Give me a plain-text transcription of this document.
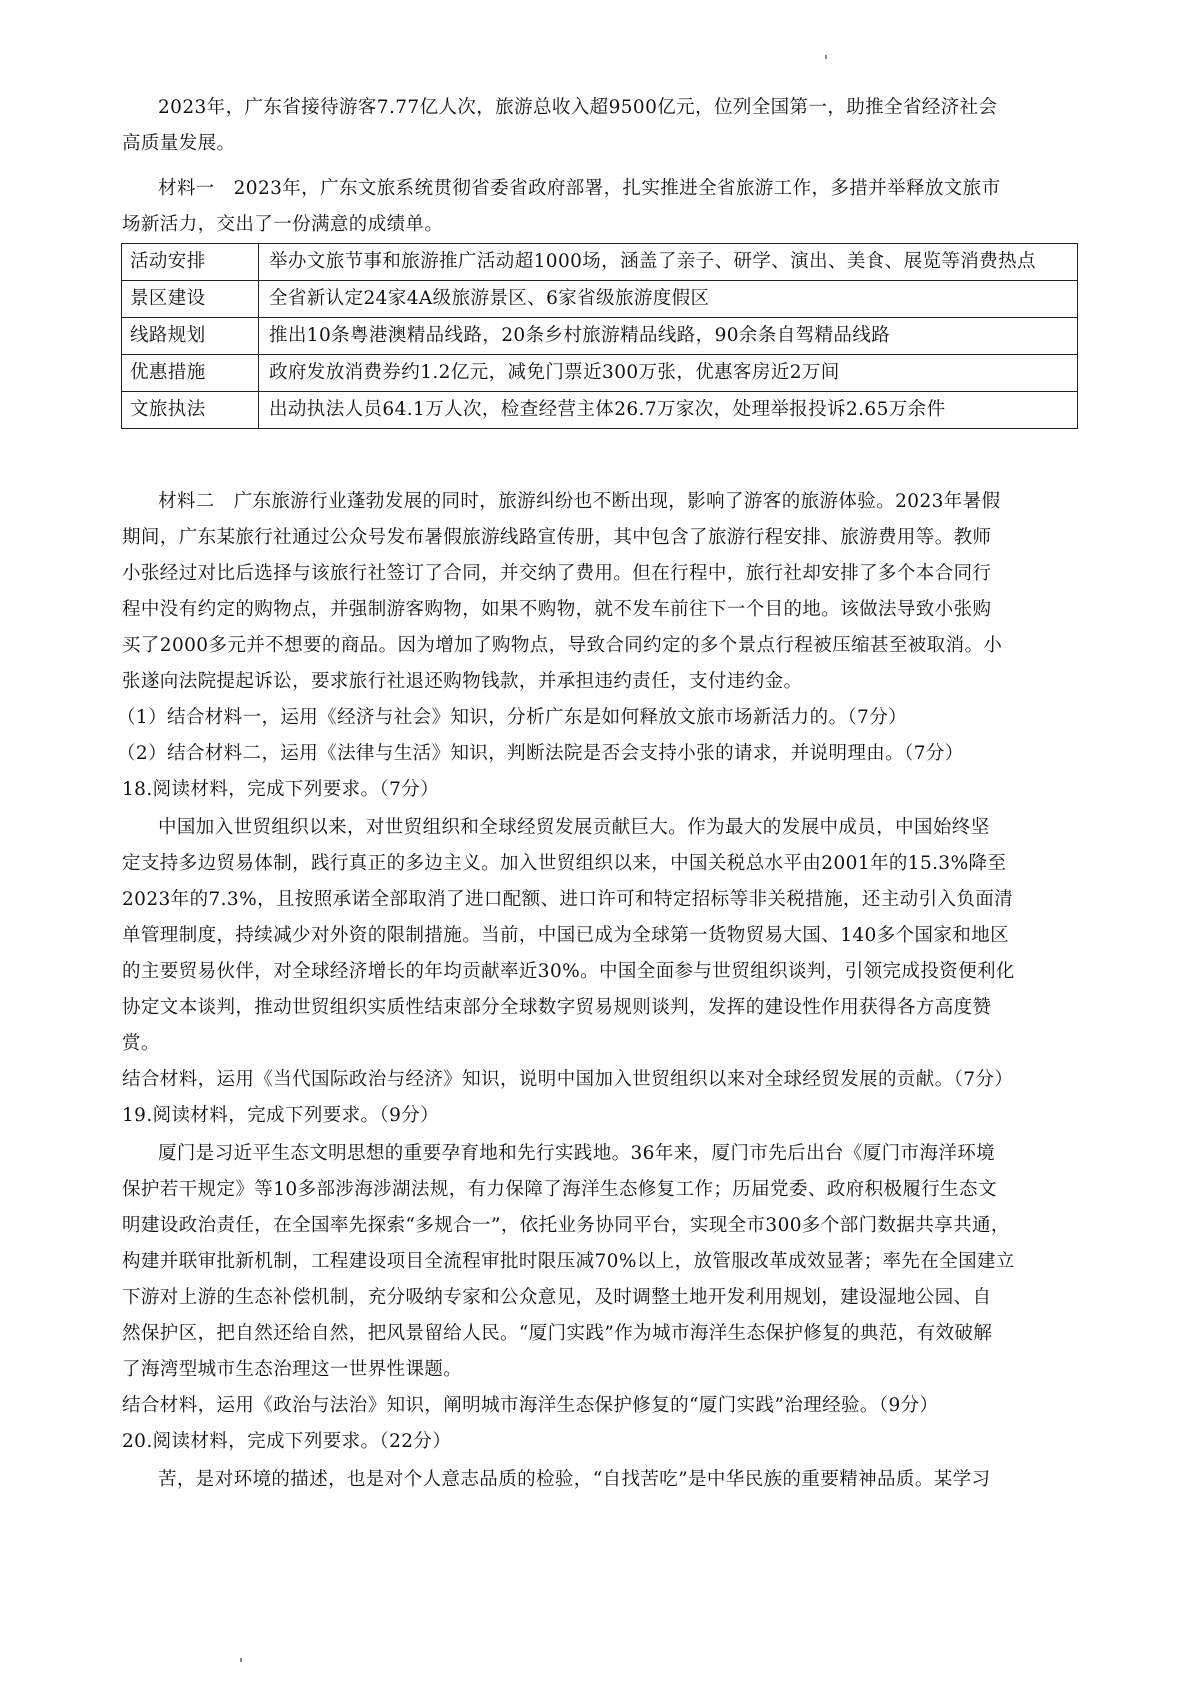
2023年，广东省接待游客7.77亿人次，旅游总收入超9500亿元，位列全国第一，助推全省经济社会
高质量发展。
材料一　2023年，广东文旅系统贯彻省委省政府部署，扎实推进全省旅游工作，多措并举释放文旅市
场新活力，交出了一份满意的成绩单。
活动安排	举办文旅节事和旅游推广活动超1000场，涵盖了亲子、研学、演出、美食、展览等消费热点
景区建设	全省新认定24家4A级旅游景区、6家省级旅游度假区
线路规划	推出10条粤港澳精品线路，20条乡村旅游精品线路，90余条自驾精品线路
优惠措施	政府发放消费券约1.2亿元，减免门票近300万张，优惠客房近2万间
文旅执法	出动执法人员64.1万人次，检查经营主体26.7万家次，处理举报投诉2.65万余件
材料二　广东旅游行业蓬勃发展的同时，旅游纠纷也不断出现，影响了游客的旅游体验。2023年暑假
期间，广东某旅行社通过公众号发布暑假旅游线路宣传册，其中包含了旅游行程安排、旅游费用等。教师
小张经过对比后选择与该旅行社签订了合同，并交纳了费用。但在行程中，旅行社却安排了多个本合同行
程中没有约定的购物点，并强制游客购物，如果不购物，就不发车前往下一个目的地。该做法导致小张购
买了2000多元并不想要的商品。因为增加了购物点，导致合同约定的多个景点行程被压缩甚至被取消。小
张遂向法院提起诉讼，要求旅行社退还购物钱款，并承担违约责任，支付违约金。
（1）结合材料一，运用《经济与社会》知识，分析广东是如何释放文旅市场新活力的。（7分）
（2）结合材料二，运用《法律与生活》知识，判断法院是否会支持小张的请求，并说明理由。（7分）
18.阅读材料，完成下列要求。（7分）
中国加入世贸组织以来，对世贸组织和全球经贸发展贡献巨大。作为最大的发展中成员，中国始终坚
定支持多边贸易体制，践行真正的多边主义。加入世贸组织以来，中国关税总水平由2001年的15.3%降至
2023年的7.3%，且按照承诺全部取消了进口配额、进口许可和特定招标等非关税措施，还主动引入负面清
单管理制度，持续减少对外资的限制措施。当前，中国已成为全球第一货物贸易大国、140多个国家和地区
的主要贸易伙伴，对全球经济增长的年均贡献率近30%。中国全面参与世贸组织谈判，引领完成投资便利化
协定文本谈判，推动世贸组织实质性结束部分全球数字贸易规则谈判，发挥的建设性作用获得各方高度赞
赏。
结合材料，运用《当代国际政治与经济》知识，说明中国加入世贸组织以来对全球经贸发展的贡献。（7分）
19.阅读材料，完成下列要求。（9分）
厦门是习近平生态文明思想的重要孕育地和先行实践地。36年来，厦门市先后出台《厦门市海洋环境
保护若干规定》等10多部涉海涉湖法规，有力保障了海洋生态修复工作；历届党委、政府积极履行生态文
明建设政治责任，在全国率先探索“多规合一”，依托业务协同平台，实现全市300多个部门数据共享共通，
构建并联审批新机制，工程建设项目全流程审批时限压减70%以上，放管服改革成效显著；率先在全国建立
下游对上游的生态补偿机制，充分吸纳专家和公众意见，及时调整土地开发利用规划，建设湿地公园、自
然保护区，把自然还给自然，把风景留给人民。“厦门实践”作为城市海洋生态保护修复的典范，有效破解
了海湾型城市生态治理这一世界性课题。
结合材料，运用《政治与法治》知识，阐明城市海洋生态保护修复的“厦门实践”治理经验。（9分）
20.阅读材料，完成下列要求。（22分）
苦，是对环境的描述，也是对个人意志品质的检验，“自找苦吃”是中华民族的重要精神品质。某学习
